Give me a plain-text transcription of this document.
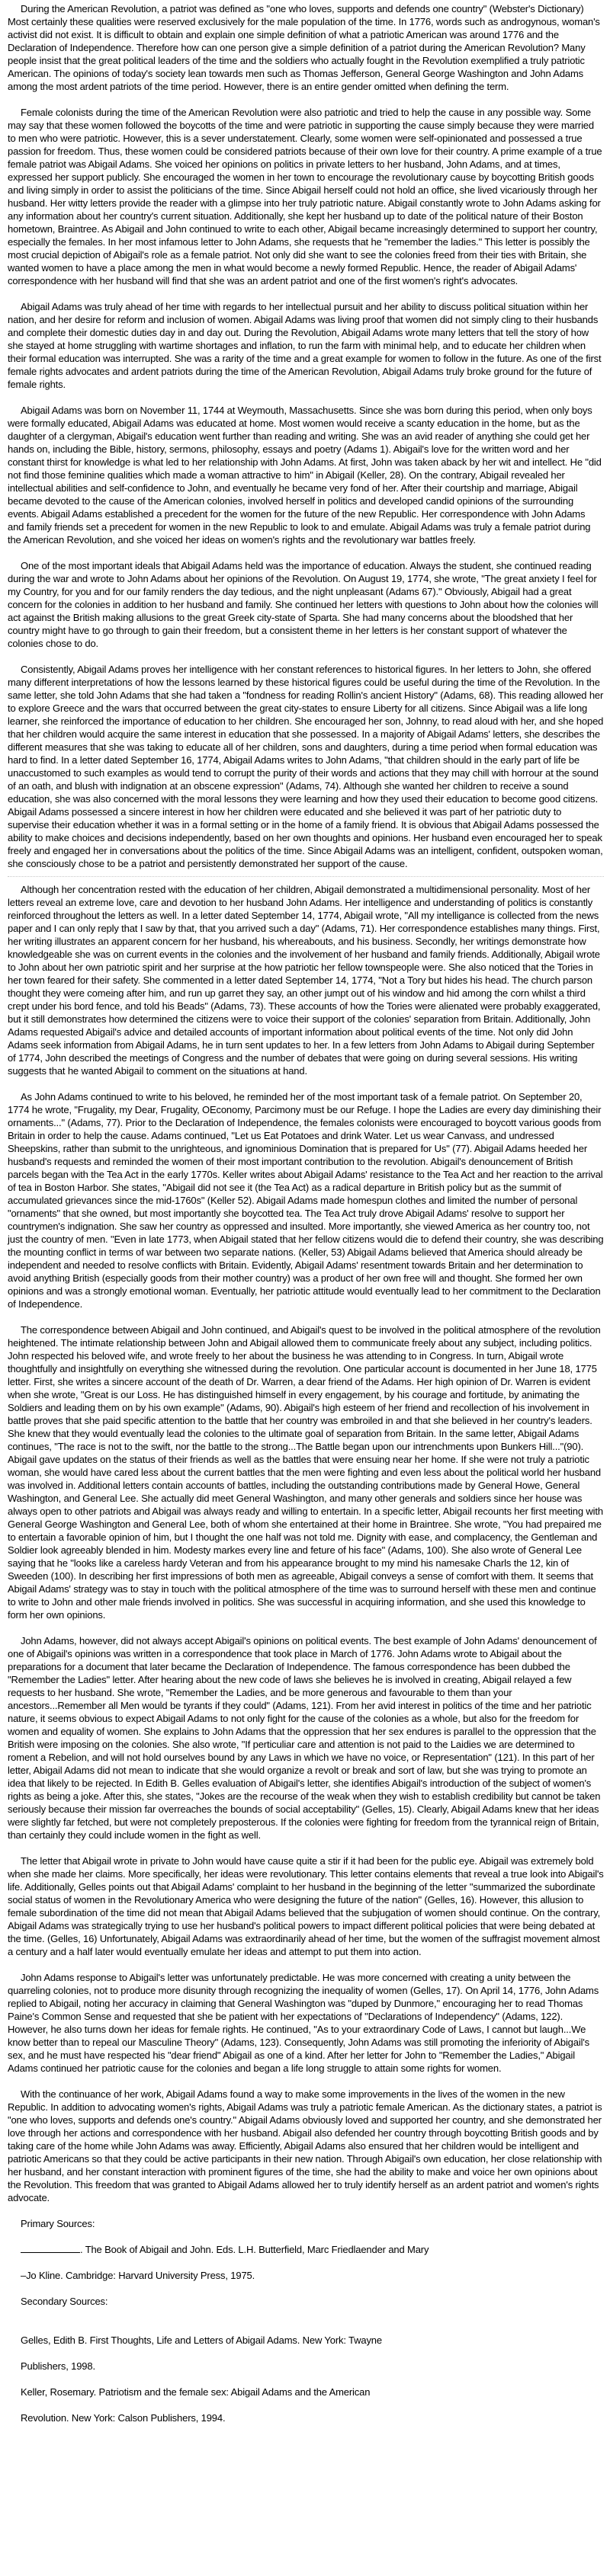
During the American Revolution, a patriot was defined as "one who loves, supports and defends one country" (Webster's Dictionary) Most certainly these qualities were reserved exclusively for the male population of the time. In 1776, words such as androgynous, woman's activist did not exist. It is difficult to obtain and explain one simple definition of what a patriotic American was around 1776 and the Declaration of Independence. Therefore how can one person give a simple definition of a patriot during the American Revolution? Many people insist that the great political leaders of the time and the soldiers who actually fought in the Revolution exemplified a truly patriotic American. The opinions of today's society lean towards men such as Thomas Jefferson, General George Washington and John Adams among the most ardent patriots of the time period. However, there is an entire gender omitted when defining the term.

Female colonists during the time of the American Revolution were also patriotic and tried to help the cause in any possible way. Some may say that these women followed the boycotts of the time and were patriotic in supporting the cause simply because they were married to men who were patriotic. However, this is a sever understatement. Clearly, some women were self-opinionated and possessed a true passion for freedom. Thus, these women could be considered patriots because of their own love for their country. A prime example of a true female patriot was Abigail Adams. She voiced her opinions on politics in private letters to her husband, John Adams, and at times, expressed her support publicly. She encouraged the women in her town to encourage the revolutionary cause by boycotting British goods and living simply in order to assist the politicians of the time. Since Abigail herself could not hold an office, she lived vicariously through her husband. Her witty letters provide the reader with a glimpse into her truly patriotic nature. Abigail constantly wrote to John Adams asking for any information about her country's current situation. Additionally, she kept her husband up to date of the political nature of their Boston hometown, Braintree. As Abigail and John continued to write to each other, Abigail became increasingly determined to support her country, especially the females. In her most infamous letter to John Adams, she requests that he "remember the ladies." This letter is possibly the most crucial depiction of Abigail's role as a female patriot. Not only did she want to see the colonies freed from their ties with Britain, she wanted women to have a place among the men in what would become a newly formed Republic. Hence, the reader of Abigail Adams' correspondence with her husband will find that she was an ardent patriot and one of the first women's right's advocates.

Abigail Adams was truly ahead of her time with regards to her intellectual pursuit and her ability to discuss political situation within her nation, and her desire for reform and inclusion of women. Abigail Adams was living proof that women did not simply cling to their husbands and complete their domestic duties day in and day out. During the Revolution, Abigail Adams wrote many letters that tell the story of how she stayed at home struggling with wartime shortages and inflation, to run the farm with minimal help, and to educate her children when their formal education was interrupted. She was a rarity of the time and a great example for women to follow in the future. As one of the first female rights advocates and ardent patriots during the time of the American Revolution, Abigail Adams truly broke ground for the future of female rights.

Abigail Adams was born on November 11, 1744 at Weymouth, Massachusetts. Since she was born during this period, when only boys were formally educated, Abigail Adams was educated at home. Most women would receive a scanty education in the home, but as the daughter of a clergyman, Abigail's education went further than reading and writing. She was an avid reader of anything she could get her hands on, including the Bible, history, sermons, philosophy, essays and poetry (Adams 1). Abigail's love for the written word and her constant thirst for knowledge is what led to her relationship with John Adams. At first, John was taken aback by her wit and intellect. He "did not find those feminine qualities which made a woman attractive to him" in Abigail (Keller, 28). On the contrary, Abigail revealed her intellectual abilities and self-confidence to John, and eventually he became very fond of her. After their courtship and marriage, Abigail became devoted to the cause of the American colonies, involved herself in politics and developed candid opinions of the surrounding events. Abigail Adams established a precedent for the women for the future of the new Republic. Her correspondence with John Adams and family friends set a precedent for women in the new Republic to look to and emulate. Abigail Adams was truly a female patriot during the American Revolution, and she voiced her ideas on women's rights and the revolutionary war battles freely.

One of the most important ideals that Abigail Adams held was the importance of education. Always the student, she continued reading during the war and wrote to John Adams about her opinions of the Revolution. On August 19, 1774, she wrote, "The great anxiety I feel for my Country, for you and for our family renders the day tedious, and the night unpleasant (Adams 67)." Obviously, Abigail had a great concern for the colonies in addition to her husband and family. She continued her letters with questions to John about how the colonies will act against the British making allusions to the great Greek city-state of Sparta. She had many concerns about the bloodshed that her country might have to go through to gain their freedom, but a consistent theme in her letters is her constant support of whatever the colonies chose to do.

Consistently, Abigail Adams proves her intelligence with her constant references to historical figures. In her letters to John, she offered many different interpretations of how the lessons learned by these historical figures could be useful during the time of the Revolution. In the same letter, she told John Adams that she had taken a "fondness for reading Rollin's ancient History" (Adams, 68). This reading allowed her to explore Greece and the wars that occurred between the great city-states to ensure Liberty for all citizens. Since Abigail was a life long learner, she reinforced the importance of education to her children. She encouraged her son, Johnny, to read aloud with her, and she hoped that her children would acquire the same interest in education that she possessed. In a majority of Abigail Adams' letters, she describes the different measures that she was taking to educate all of her children, sons and daughters, during a time period when formal education was hard to find. In a letter dated September 16, 1774, Abigail Adams writes to John Adams, "that children should in the early part of life be unaccustomed to such examples as would tend to corrupt the purity of their words and actions that they may chill with horrour at the sound of an oath, and blush with indignation at an obscene expression" (Adams, 74). Although she wanted her children to receive a sound education, she was also concerned with the moral lessons they were learning and how they used their education to become good citizens. Abigail Adams possessed a sincere interest in how her children were educated and she believed it was part of her patriotic duty to supervise their education whether it was in a formal setting or in the home of a family friend. It is obvious that Abigail Adams possessed the ability to make choices and decisions independently, based on her own thoughts and opinions. Her husband even encouraged her to speak freely and engaged her in conversations about the politics of the time. Since Abigail Adams was an intelligent, confident, outspoken woman, she consciously chose to be a patriot and persistently demonstrated her support of the cause.

Although her concentration rested with the education of her children, Abigail demonstrated a multidimensional personality. Most of her letters reveal an extreme love, care and devotion to her husband John Adams. Her intelligence and understanding of politics is constantly reinforced throughout the letters as well. In a letter dated September 14, 1774, Abigail wrote, "All my intelligance is collected from the news paper and I can only reply that I saw by that, that you arrived such a day" (Adams, 71). Her correspondence establishes many things. First, her writing illustrates an apparent concern for her husband, his whereabouts, and his business. Secondly, her writings demonstrate how knowledgeable she was on current events in the colonies and the involvement of her husband and family friends. Additionally, Abigail wrote to John about her own patriotic spirit and her surprise at the how patriotic her fellow townspeople were. She also noticed that the Tories in her town feared for their safety. She commented in a letter dated September 14, 1774, "Not a Tory but hides his head. The church parson thought they were comeing after him, and run up garret they say, an other jumpt out of his window and hid among the corn whilst a third crept under his bord fence, and told his Beads" (Adams, 73). These accounts of how the Tories were alienated were probably exaggerated, but it still demonstrates how determined the citizens were to voice their support of the colonies' separation from Britain. Additionally, John Adams requested Abigail's advice and detailed accounts of important information about political events of the time. Not only did John Adams seek information from Abigail Adams, he in turn sent updates to her. In a few letters from John Adams to Abigail during September of 1774, John described the meetings of Congress and the number of debates that were going on during several sessions. His writing suggests that he wanted Abigail to comment on the situations at hand.

As John Adams continued to write to his beloved, he reminded her of the most important task of a female patriot. On September 20, 1774 he wrote, "Frugality, my Dear, Frugality, OEconomy, Parcimony must be our Refuge. I hope the Ladies are every day diminishing their ornaments..." (Adams, 77). Prior to the Declaration of Independence, the females colonists were encouraged to boycott various goods from Britain in order to help the cause. Adams continued, "Let us Eat Potatoes and drink Water. Let us wear Canvass, and undressed Sheepskins, rather than submit to the unrighteous, and ignominious Domination that is prepared for Us" (77). Abigail Adams heeded her husband's requests and reminded the women of their most important contribution to the revolution. Abigail's denouncement of British parcels began with the Tea Act in the early 1770s. Keller writes about Abigail Adams' resistance to the Tea Act and her reaction to the arrival of tea in Boston Harbor. She states, "Abigail did not see it (the Tea Act) as a radical departure in British policy but as the summit of accumulated grievances since the mid-1760s" (Keller 52). Abigail Adams made homespun clothes and limited the number of personal "ornaments" that she owned, but most importantly she boycotted tea. The Tea Act truly drove Abigail Adams' resolve to support her countrymen's indignation. She saw her country as oppressed and insulted. More importantly, she viewed America as her country too, not just the country of men. "Even in late 1773, when Abigail stated that her fellow citizens would die to defend their country, she was describing the mounting conflict in terms of war between two separate nations. (Keller, 53) Abigail Adams believed that America should already be independent and needed to resolve conflicts with Britain. Evidently, Abigail Adams' resentment towards Britain and her determination to avoid anything British (especially goods from their mother country) was a product of her own free will and thought. She formed her own opinions and was a strongly emotional woman. Eventually, her patriotic attitude would eventually lead to her commitment to the Declaration of Independence.

The correspondence between Abigail and John continued, and Abigail's quest to be involved in the political atmosphere of the revolution heightened. The intimate relationship between John and Abigail allowed them to communicate freely about any subject, including politics. John respected his beloved wife, and wrote freely to her about the business he was attending to in Congress. In turn, Abigail wrote thoughtfully and insightfully on everything she witnessed during the revolution. One particular account is documented in her June 18, 1775 letter. First, she writes a sincere account of the death of Dr. Warren, a dear friend of the Adams. Her high opinion of Dr. Warren is evident when she wrote, "Great is our Loss. He has distinguished himself in every engagement, by his courage and fortitude, by animating the Soldiers and leading them on by his own example" (Adams, 90). Abigail's high esteem of her friend and recollection of his involvement in battle proves that she paid specific attention to the battle that her country was embroiled in and that she believed in her country's leaders. She knew that they would eventually lead the colonies to the ultimate goal of separation from Britain. In the same letter, Abigail Adams continues, "The race is not to the swift, nor the battle to the strong...The Battle began upon our intrenchments upon Bunkers Hill..."(90). Abigail gave updates on the status of their friends as well as the battles that were ensuing near her home. If she were not truly a patriotic woman, she would have cared less about the current battles that the men were fighting and even less about the political world her husband was involved in. Additional letters contain accounts of battles, including the outstanding contributions made by General Howe, General Washington, and General Lee. She actually did meet General Washington, and many other generals and soldiers since her house was always open to other patriots and Abigail was always ready and willing to entertain. In a specific letter, Abigail recounts her first meeting with General George Washington and General Lee, both of whom she entertained at their home in Braintree. She wrote, "You had prepaired me to entertain a favorable opinion of him, but I thought the one half was not told me. Dignity with ease, and complacency, the Gentleman and Soldier look agreeably blended in him. Modesty markes every line and feture of his face" (Adams, 100). She also wrote of General Lee saying that he "looks like a careless hardy Veteran and from his appearance brought to my mind his namesake Charls the 12, kin of Sweeden (100). In describing her first impressions of both men as agreeable, Abigail conveys a sense of comfort with them. It seems that Abigail Adams' strategy was to stay in touch with the political atmosphere of the time was to surround herself with these men and continue to write to John and other male friends involved in politics. She was successful in acquiring information, and she used this knowledge to form her own opinions.

John Adams, however, did not always accept Abigail's opinions on political events. The best example of John Adams' denouncement of one of Abigail's opinions was written in a correspondence that took place in March of 1776. John Adams wrote to Abigail about the preparations for a document that later became the Declaration of Independence. The famous correspondence has been dubbed the "Remember the Ladies" letter. After hearing about the new code of laws she believes he is involved in creating, Abigail relayed a few requests to her husband. She wrote, "Remember the Ladies, and be more generous and favourable to them than your ancestors...Remember all Men would be tyrants if they could" (Adams, 121). From her avid interest in politics of the time and her patriotic nature, it seems obvious to expect Abigail Adams to not only fight for the cause of the colonies as a whole, but also for the freedom for women and equality of women. She explains to John Adams that the oppression that her sex endures is parallel to the oppression that the British were imposing on the colonies. She also wrote, "If perticuliar care and attention is not paid to the Laidies we are determined to roment a Rebelion, and will not hold ourselves bound by any Laws in which we have no voice, or Representation" (121). In this part of her letter, Abigail Adams did not mean to indicate that she would organize a revolt or break and sort of law, but she was trying to promote an idea that likely to be rejected. In Edith B. Gelles evaluation of Abigail's letter, she identifies Abigail's introduction of the subject of women's rights as being a joke. After this, she states, "Jokes are the recourse of the weak when they wish to establish credibility but cannot be taken seriously because their mission far overreaches the bounds of social acceptability" (Gelles, 15). Clearly, Abigail Adams knew that her ideas were slightly far fetched, but were not completely preposterous. If the colonies were fighting for freedom from the tyrannical reign of Britain, than certainly they could include women in the fight as well.

The letter that Abigail wrote in private to John would have cause quite a stir if it had been for the public eye. Abigail was extremely bold when she made her claims. More specifically, her ideas were revolutionary. This letter contains elements that reveal a true look into Abigail's life. Additionally, Gelles points out that Abigail Adams' complaint to her husband in the beginning of the letter "summarized the subordinate social status of women in the Revolutionary America who were designing the future of the nation" (Gelles, 16). However, this allusion to female subordination of the time did not mean that Abigail Adams believed that the subjugation of women should continue. On the contrary, Abigail Adams was strategically trying to use her husband's political powers to impact different political policies that were being debated at the time. (Gelles, 16) Unfortunately, Abigail Adams was extraordinarily ahead of her time, but the women of the suffragist movement almost a century and a half later would eventually emulate her ideas and attempt to put them into action.

John Adams response to Abigail's letter was unfortunately predictable. He was more concerned with creating a unity between the quarreling colonies, not to produce more disunity through recognizing the inequality of women (Gelles, 17). On April 14, 1776, John Adams replied to Abigail, noting her accuracy in claiming that General Washington was "duped by Dunmore," encouraging her to read Thomas Paine's Common Sense and requested that she be patient with her expectations of "Declarations of Independency" (Adams, 122). However, he also turns down her ideas for female rights. He continued, "As to your extraordinary Code of Laws, I cannot but laugh...We know better than to repeal our Masculine Theory" (Adams, 123). Consequently, John Adams was still promoting the inferiority of Abigail's sex, and he must have respected his "dear friend" Abigail as one of a kind. After her letter for John to "Remember the Ladies," Abigail Adams continued her patriotic cause for the colonies and began a life long struggle to attain some rights for women.

With the continuance of her work, Abigail Adams found a way to make some improvements in the lives of the women in the new Republic. In addition to advocating women's rights, Abigail Adams was truly a patriotic female American. As the dictionary states, a patriot is "one who loves, supports and defends one's country." Abigail Adams obviously loved and supported her country, and she demonstrated her love through her actions and correspondence with her husband. Abigail also defended her country through boycotting British goods and by taking care of the home while John Adams was away. Efficiently, Abigail Adams also ensured that her children would be intelligent and patriotic Americans so that they could be active participants in their new nation. Through Abigail's own education, her close relationship with her husband, and her constant interaction with prominent figures of the time, she had the ability to make and voice her own opinions about the Revolution. This freedom that was granted to Abigail Adams allowed her to truly identify herself as an ardent patriot and women's rights advocate.

Primary Sources:

. The Book of Abigail and John. Eds. L.H. Butterfield, Marc Friedlaender and Mary

–Jo Kline. Cambridge: Harvard University Press, 1975.

Secondary Sources:

Gelles, Edith B. First Thoughts, Life and Letters of Abigail Adams. New York: Twayne

Publishers, 1998.

Keller, Rosemary. Patriotism and the female sex: Abigail Adams and the American

Revolution. New York: Calson Publishers, 1994.
